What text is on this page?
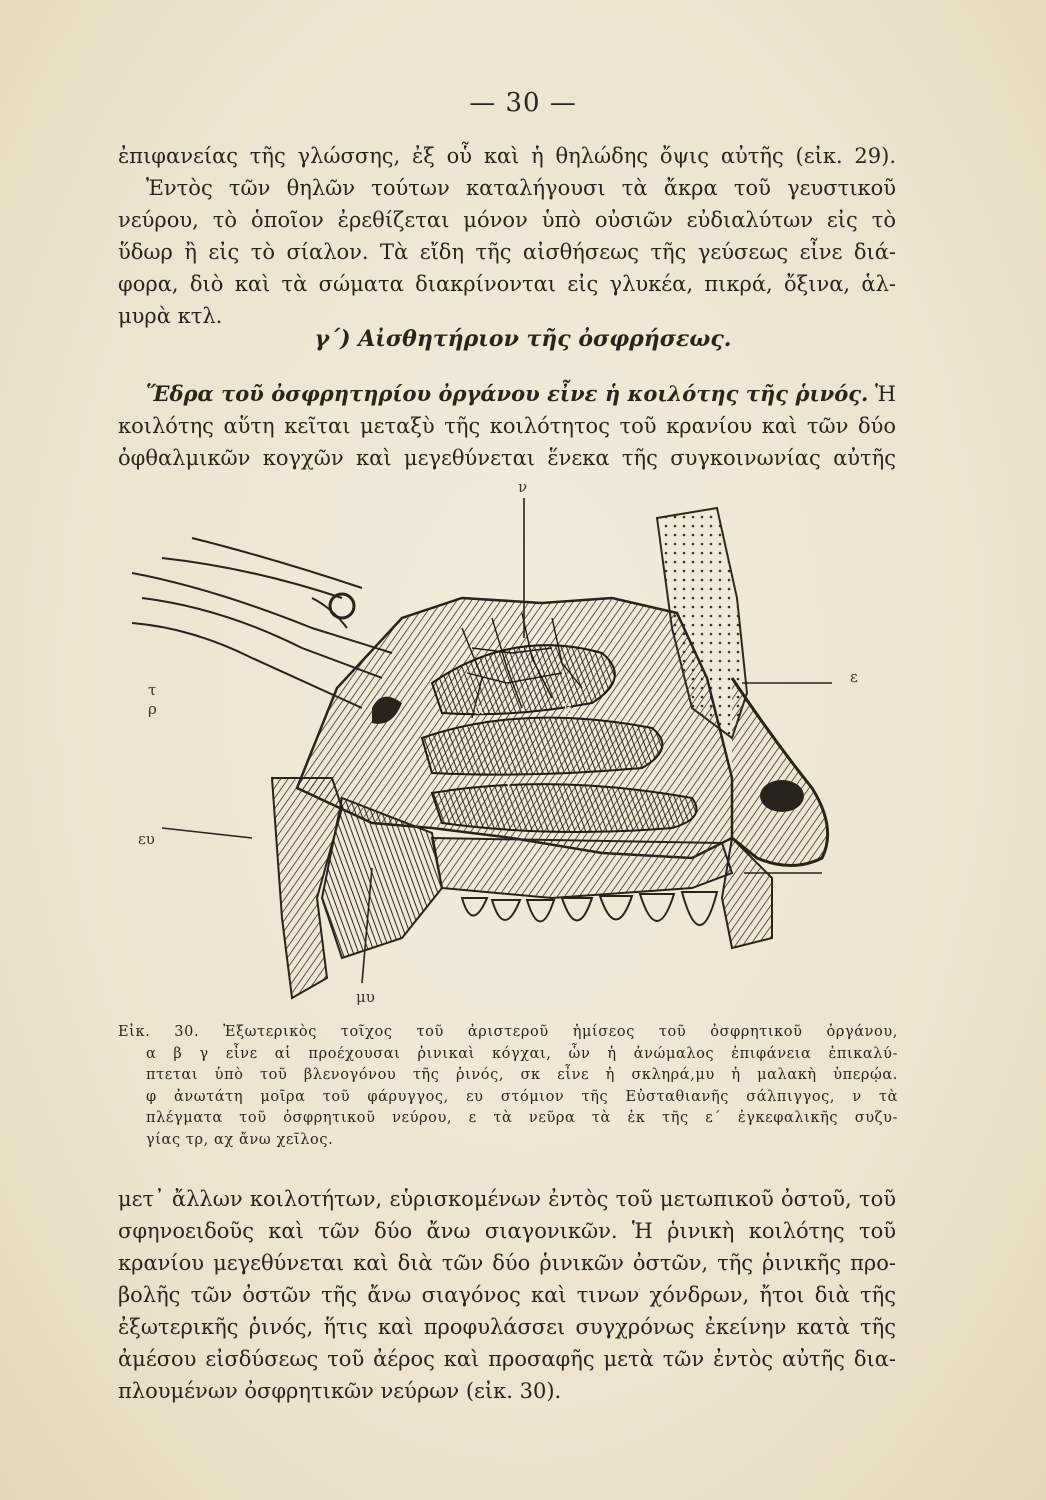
— 30 —
ἐπιφανείας τῆς γλώσσης, ἐξ οὗ καὶ ἡ θηλώδης ὄψις αὐτῆς (εἰκ. 29).
Ἐντὸς τῶν θηλῶν τούτων καταλήγουσι τὰ ἄκρα τοῦ γευστικοῦ
νεύρου, τὸ ὁποῖον ἐρεθίζεται μόνον ὑπὸ οὐσιῶν εὐδιαλύτων εἰς τὸ
ὕδωρ ἢ εἰς τὸ σίαλον. Τὰ εἴδη τῆς αἰσθήσεως τῆς γεύσεως εἶνε διά-
φορα, διὸ καὶ τὰ σώματα διακρίνονται εἰς γλυκέα, πικρά, ὄξινα, ἁλ-
μυρὰ κτλ.
γ΄) Αἰσθητήριον τῆς ὀσφρήσεως.
Ἕδρα τοῦ ὀσφρητηρίου ὀργάνου εἶνε ἡ κοιλότης τῆς ῥινός. Ἡ
κοιλότης αὕτη κεῖται μεταξὺ τῆς κοιλότητος τοῦ κρανίου καὶ τῶν δύο
ὀφθαλμικῶν κογχῶν καὶ μεγεθύνεται ἕνεκα τῆς συγκοινωνίας αὐτῆς
ν
τ
ρ
ε
ευ
μυ
α	β
γ
Εἰκ. 30. Ἐξωτερικὸς τοῖχος τοῦ ἀριστεροῦ ἡμίσεος τοῦ ὀσφρητικοῦ ὀργάνου,
α β γ εἶνε αἱ προέχουσαι ῥινικαὶ κόγχαι, ὧν ἡ ἀνώμαλος ἐπιφάνεια ἐπικαλύ-
πτεται ὑπὸ τοῦ βλενογόνου τῆς ῥινός, σκ εἶνε ἡ σκληρά,μυ ἡ μαλακὴ ὑπερῴα.
φ ἀνωτάτη μοῖρα τοῦ φάρυγγος, ευ στόμιον τῆς Εὐσταθιανῆς σάλπιγγος, ν τὰ
πλέγματα τοῦ ὀσφρητικοῦ νεύρου, ε τὰ νεῦρα τὰ ἐκ τῆς ε΄ ἐγκεφαλικῆς συζυ-
γίας τρ, αχ ἄνω χεῖλος.
μετ᾽ ἄλλων κοιλοτήτων, εὑρισκομένων ἐντὸς τοῦ μετωπικοῦ ὀστοῦ, τοῦ
σφηνοειδοῦς καὶ τῶν δύο ἄνω σιαγονικῶν. Ἡ ῥινικὴ κοιλότης τοῦ
κρανίου μεγεθύνεται καὶ διὰ τῶν δύο ῥινικῶν ὀστῶν, τῆς ῥινικῆς προ-
βολῆς τῶν ὀστῶν τῆς ἄνω σιαγόνος καὶ τινων χόνδρων, ἤτοι διὰ τῆς
ἐξωτερικῆς ῥινός, ἥτις καὶ προφυλάσσει συγχρόνως ἐκείνην κατὰ τῆς
ἀμέσου εἰσδύσεως τοῦ ἀέρος καὶ προσαφῆς μετὰ τῶν ἐντὸς αὐτῆς δια-
πλουμένων ὀσφρητικῶν νεύρων (εἰκ. 30).
